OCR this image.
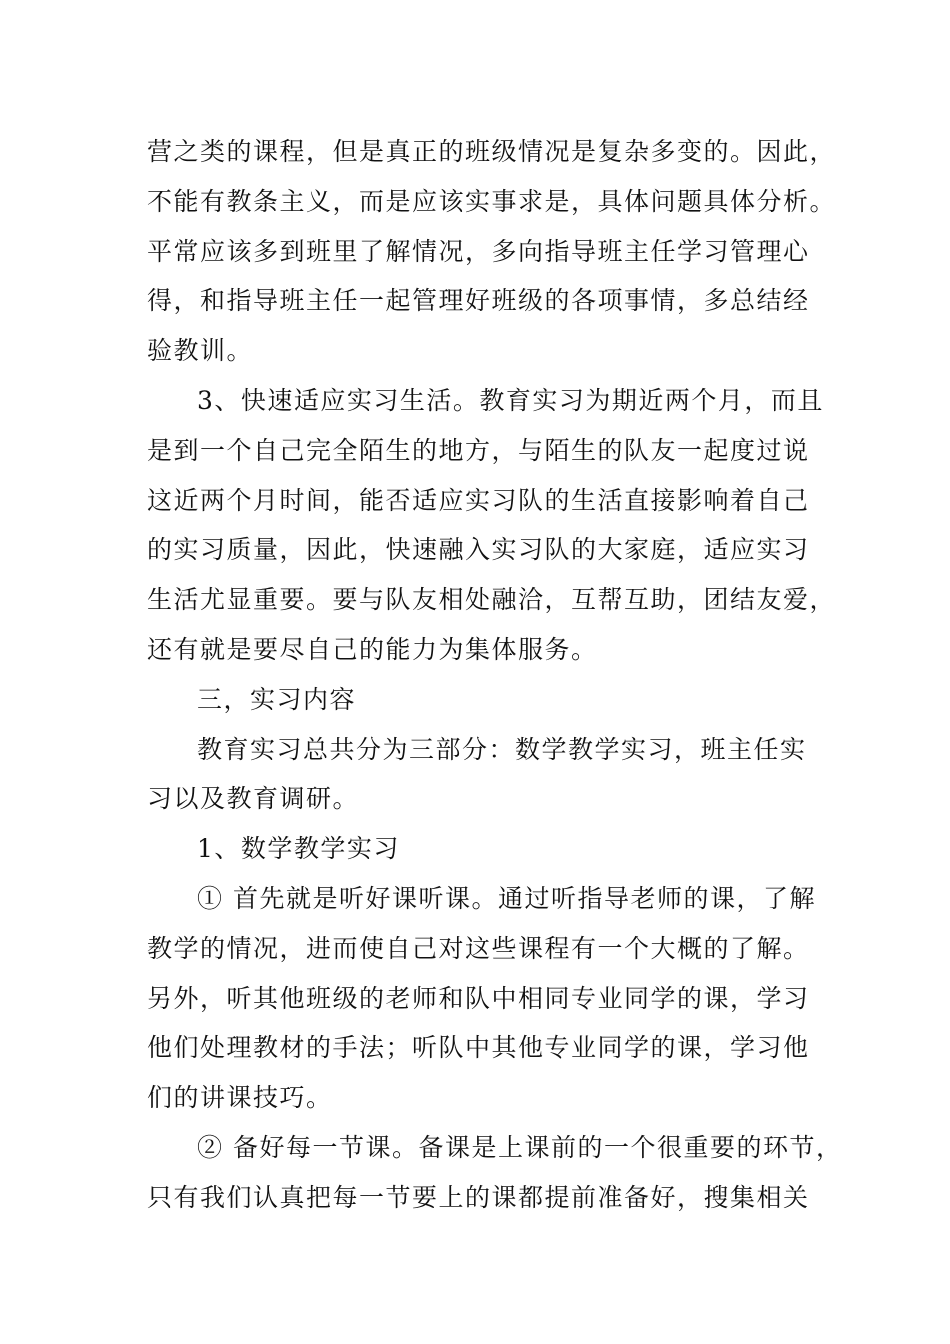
营之类的课程，但是真正的班级情况是复杂多变的。因此，
不能有教条主义，而是应该实事求是，具体问题具体分析。
平常应该多到班里了解情况，多向指导班主任学习管理心
得，和指导班主任一起管理好班级的各项事情，多总结经
验教训。

3、快速适应实习生活。教育实习为期近两个月，而且
是到一个自己完全陌生的地方，与陌生的队友一起度过说
这近两个月时间，能否适应实习队的生活直接影响着自己
的实习质量，因此，快速融入实习队的大家庭，适应实习
生活尤显重要。要与队友相处融洽，互帮互助，团结友爱，
还有就是要尽自己的能力为集体服务。

三，实习内容

教育实习总共分为三部分：数学教学实习，班主任实
习以及教育调研。

1、数学教学实习

① 首先就是听好课听课。通过听指导老师的课，了解
教学的情况，进而使自己对这些课程有一个大概的了解。
另外，听其他班级的老师和队中相同专业同学的课，学习
他们处理教材的手法；听队中其他专业同学的课，学习他
们的讲课技巧。

② 备好每一节课。备课是上课前的一个很重要的环节，
只有我们认真把每一节要上的课都提前准备好，搜集相关
